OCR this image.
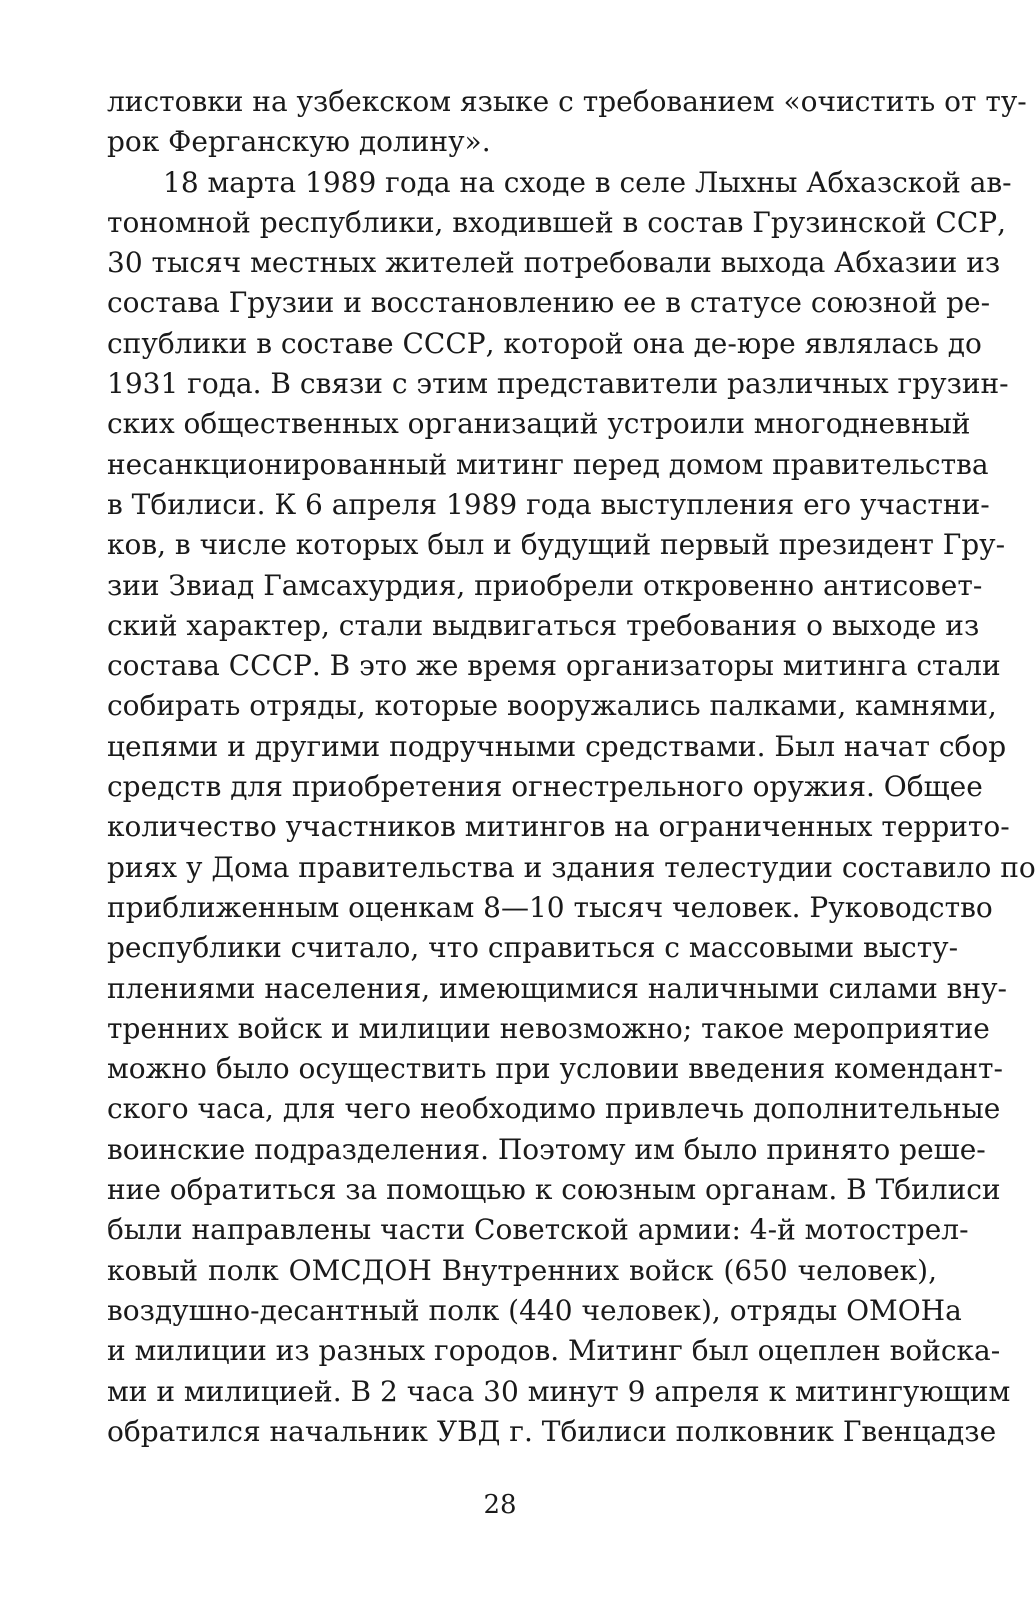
листовки на узбекском языке с требованием «очистить от ту-
рок Ферганскую долину».
18 марта 1989 года на сходе в селе Лыхны Абхазской ав-
тономной республики, входившей в состав Грузинской ССР,
30 тысяч местных жителей потребовали выхода Абхазии из
состава Грузии и восстановлению ее в статусе союзной ре-
спублики в составе СССР, которой она де-юре являлась до
1931 года. В связи с этим представители различных грузин-
ских общественных организаций устроили многодневный
несанкционированный митинг перед домом правительства
в Тбилиси. К 6 апреля 1989 года выступления его участни-
ков, в числе которых был и будущий первый президент Гру-
зии Звиад Гамсахурдия, приобрели откровенно антисовет-
ский характер, стали выдвигаться требования о выходе из
состава СССР. В это же время организаторы митинга стали
собирать отряды, которые вооружались палками, камнями,
цепями и другими подручными средствами. Был начат сбор
средств для приобретения огнестрельного оружия. Общее
количество участников митингов на ограниченных террито-
риях у Дома правительства и здания телестудии составило по
приближенным оценкам 8—10 тысяч человек. Руководство
республики считало, что справиться с массовыми высту-
плениями населения, имеющимися наличными силами вну-
тренних войск и милиции невозможно; такое мероприятие
можно было осуществить при условии введения комендант-
ского часа, для чего необходимо привлечь дополнительные
воинские подразделения. Поэтому им было принято реше-
ние обратиться за помощью к союзным органам. В Тбилиси
были направлены части Советской армии: 4-й мотострел-
ковый полк ОМСДОН Внутренних войск (650 человек),
воздушно-десантный полк (440 человек), отряды ОМОНа
и милиции из разных городов. Митинг был оцеплен войска-
ми и милицией. В 2 часа 30 минут 9 апреля к митингующим
обратился начальник УВД г. Тбилиси полковник Гвенцадзе
28
